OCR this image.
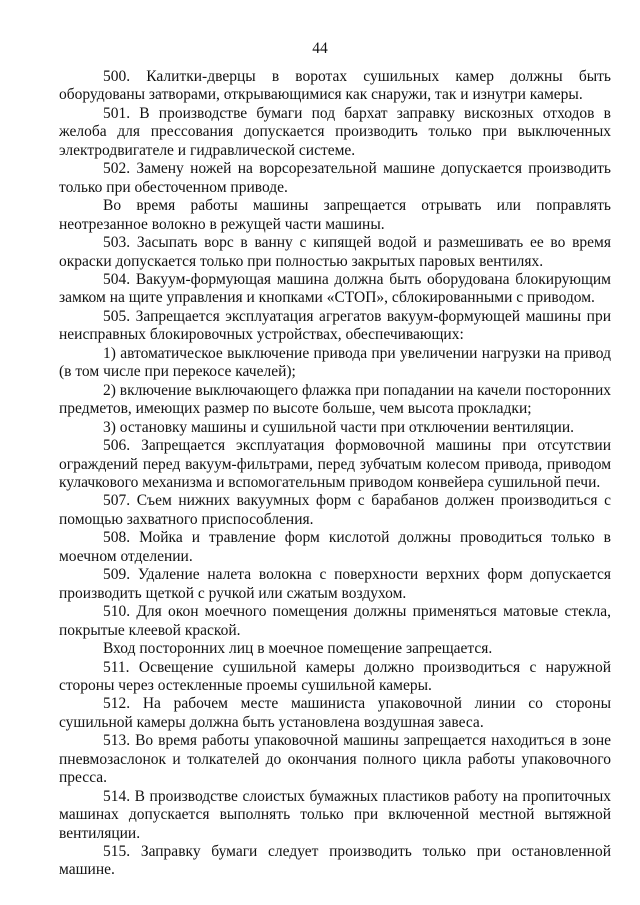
44

500. Калитки-дверцы в воротах сушильных камер должны быть оборудованы затворами, открывающимися как снаружи, так и изнутри камеры.

501. В производстве бумаги под бархат заправку вискозных отходов в желоба для прессования допускается производить только при выключенных электродвигателе и гидравлической системе.

502. Замену ножей на ворсорезательной машине допускается производить только при обесточенном приводе.

Во время работы машины запрещается отрывать или поправлять неотрезанное волокно в режущей части машины.

503. Засыпать ворс в ванну с кипящей водой и размешивать ее во время окраски допускается только при полностью закрытых паровых вентилях.

504. Вакуум-формующая машина должна быть оборудована блокирующим замком на щите управления и кнопками «СТОП», сблокированными с приводом.

505. Запрещается эксплуатация агрегатов вакуум-формующей машины при неисправных блокировочных устройствах, обеспечивающих:

1) автоматическое выключение привода при увеличении нагрузки на привод (в том числе при перекосе качелей);

2) включение выключающего флажка при попадании на качели посторонних предметов, имеющих размер по высоте больше, чем высота прокладки;

3) остановку машины и сушильной части при отключении вентиляции.

506. Запрещается эксплуатация формовочной машины при отсутствии ограждений перед вакуум-фильтрами, перед зубчатым колесом привода, приводом кулачкового механизма и вспомогательным приводом конвейера сушильной печи.

507. Съем нижних вакуумных форм с барабанов должен производиться с помощью захватного приспособления.

508. Мойка и травление форм кислотой должны проводиться только в моечном отделении.

509. Удаление налета волокна с поверхности верхних форм допускается производить щеткой с ручкой или сжатым воздухом.

510. Для окон моечного помещения должны применяться матовые стекла, покрытые клеевой краской.

Вход посторонних лиц в моечное помещение запрещается.

511. Освещение сушильной камеры должно производиться с наружной стороны через остекленные проемы сушильной камеры.

512. На рабочем месте машиниста упаковочной линии со стороны сушильной камеры должна быть установлена воздушная завеса.

513. Во время работы упаковочной машины запрещается находиться в зоне пневмозаслонок и толкателей до окончания полного цикла работы упаковочного пресса.

514. В производстве слоистых бумажных пластиков работу на пропиточных машинах допускается выполнять только при включенной местной вытяжной вентиляции.

515. Заправку бумаги следует производить только при остановленной машине.
